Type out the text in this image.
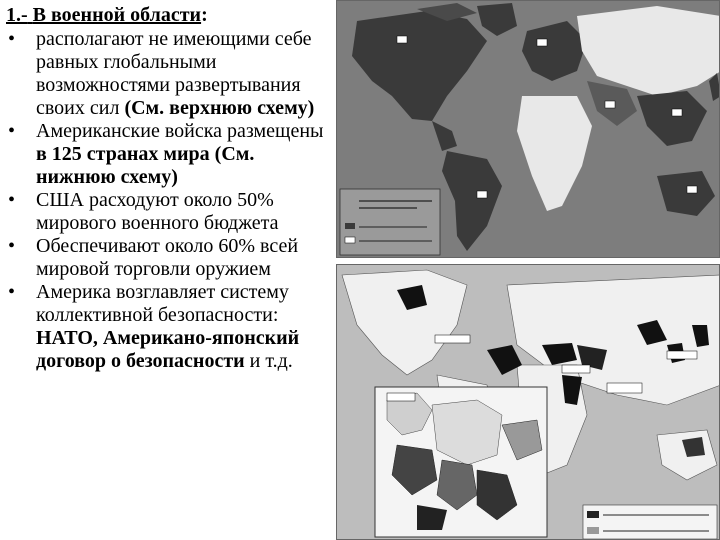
1.- В военной области:
• располагают не имеющими себе равных глобальными возможностями развертывания своих сил (См. верхнюю схему)
• Американские войска размещены в 125 странах мира (См. нижнюю схему)
• США расходуют около 50% мирового военного бюджета
• Обеспечивают около 60% всей мировой торговли оружием
• Америка возглавляет систему коллективной безопасности: НАТО, Американо-японский договор о безопасности и т.д.
